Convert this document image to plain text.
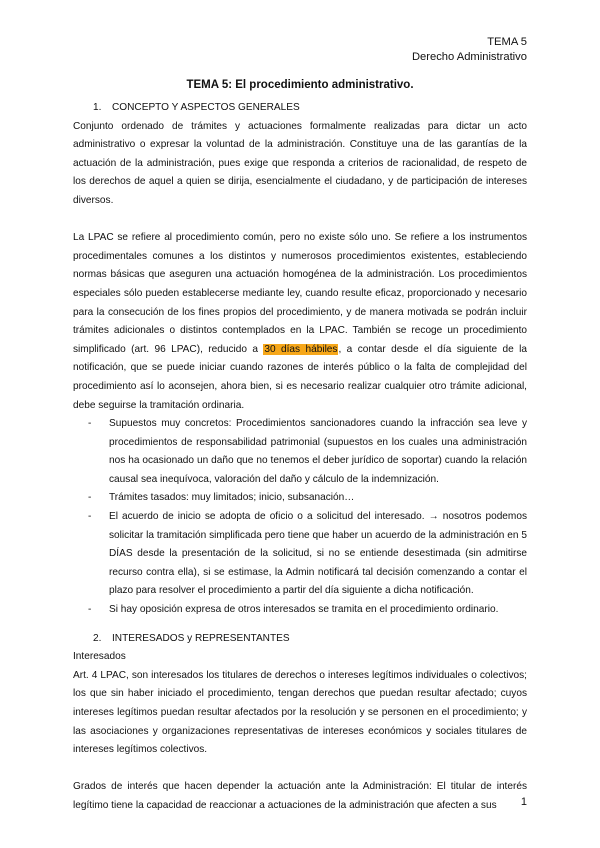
TEMA 5
Derecho Administrativo
TEMA 5: El procedimiento administrativo.

1. CONCEPTO Y ASPECTOS GENERALES

Conjunto ordenado de trámites y actuaciones formalmente realizadas para dictar un acto administrativo o expresar la voluntad de la administración. Constituye una de las garantías de la actuación de la administración, pues exige que responda a criterios de racionalidad, de respeto de los derechos de aquel a quien se dirija, esencialmente el ciudadano, y de participación de intereses diversos.

La LPAC se refiere al procedimiento común, pero no existe sólo uno. Se refiere a los instrumentos procedimentales comunes a los distintos y numerosos procedimientos existentes, estableciendo normas básicas que aseguren una actuación homogénea de la administración. Los procedimientos especiales sólo pueden establecerse mediante ley, cuando resulte eficaz, proporcionado y necesario para la consecución de los fines propios del procedimiento, y de manera motivada se podrán incluir trámites adicionales o distintos contemplados en la LPAC. También se recoge un procedimiento simplificado (art. 96 LPAC), reducido a 30 días hábiles, a contar desde el día siguiente de la notificación, que se puede iniciar cuando razones de interés público o la falta de complejidad del procedimiento así lo aconsejen, ahora bien, si es necesario realizar cualquier otro trámite adicional, debe seguirse la tramitación ordinaria.

- Supuestos muy concretos: Procedimientos sancionadores cuando la infracción sea leve y procedimientos de responsabilidad patrimonial (supuestos en los cuales una administración nos ha ocasionado un daño que no tenemos el deber jurídico de soportar) cuando la relación causal sea inequívoca, valoración del daño y cálculo de la indemnización.
- Trámites tasados: muy limitados; inicio, subsanación…
- El acuerdo de inicio se adopta de oficio o a solicitud del interesado. → nosotros podemos solicitar la tramitación simplificada pero tiene que haber un acuerdo de la administración en 5 DÍAS desde la presentación de la solicitud, si no se entiende desestimada (sin admitirse recurso contra ella), si se estimase, la Admin notificará tal decisión comenzando a contar el plazo para resolver el procedimiento a partir del día siguiente a dicha notificación.
- Si hay oposición expresa de otros interesados se tramita en el procedimiento ordinario.

2. INTERESADOS y REPRESENTANTES

Interesados

Art. 4 LPAC, son interesados los titulares de derechos o intereses legítimos individuales o colectivos; los que sin haber iniciado el procedimiento, tengan derechos que puedan resultar afectado; cuyos intereses legítimos puedan resultar afectados por la resolución y se personen en el procedimiento; y las asociaciones y organizaciones representativas de intereses económicos y sociales titulares de intereses legítimos colectivos.

Grados de interés que hacen depender la actuación ante la Administración: El titular de interés legítimo tiene la capacidad de reaccionar a actuaciones de la administración que afecten a sus	1
